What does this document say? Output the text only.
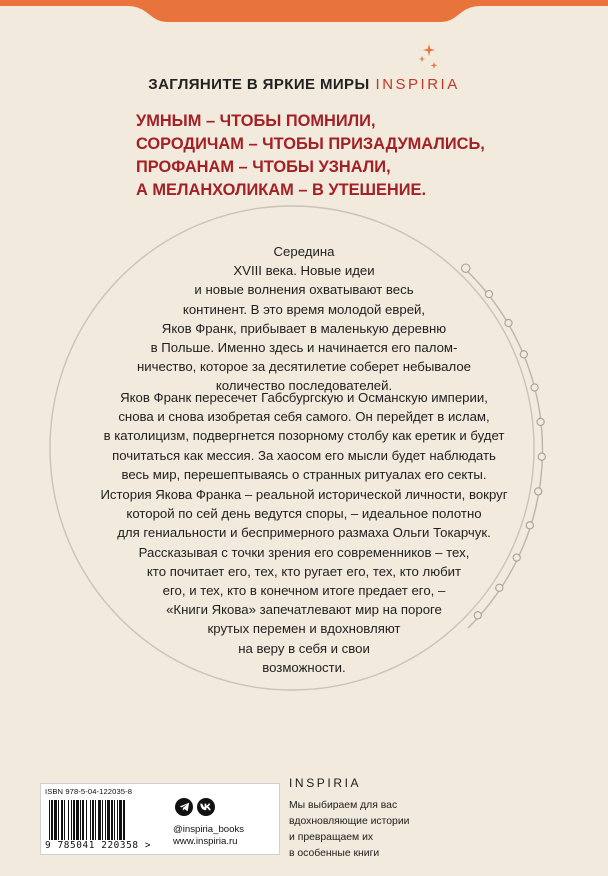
ЗАГЛЯНИТЕ В ЯРКИЕ МИРЫ INSPIRIA
УМНЫМ – ЧТОБЫ ПОМНИЛИ,
СОРОДИЧАМ – ЧТОБЫ ПРИЗАДУМАЛИСЬ,
ПРОФАНАМ – ЧТОБЫ УЗНАЛИ,
А МЕЛАНХОЛИКАМ – В УТЕШЕНИЕ.
Середина
XVIII века. Новые идеи
и новые волнения охватывают весь
континент. В это время молодой еврей,
Яков Франк, прибывает в маленькую деревню
в Польше. Именно здесь и начинается его палом-
ничество, которое за десятилетие соберет небывалое
количество последователей.
Яков Франк пересечет Габсбургскую и Османскую империи,
снова и снова изобретая себя самого. Он перейдет в ислам,
в католицизм, подвергнется позорному столбу как еретик и будет
почитаться как мессия. За хаосом его мысли будет наблюдать
весь мир, перешептываясь о странных ритуалах его секты.
История Якова Франка – реальной исторической личности, вокруг
которой по сей день ведутся споры, – идеальное полотно
для гениальности и беспримерного размаха Ольги Токарчук.
Рассказывая с точки зрения его современников – тех,
кто почитает его, тех, кто ругает его, тех, кто любит
его, и тех, кто в конечном итоге предает его, –
«Книги Якова» запечатлевают мир на пороге
крутых перемен и вдохновляют
на веру в себя и свои
возможности.
ISBN 978-5-04-122035-8
9 785041 220358 >
@inspiria_books
www.inspiria.ru
INSPIRIA
Мы выбираем для вас
вдохновляющие истории
и превращаем их
в особенные книги
